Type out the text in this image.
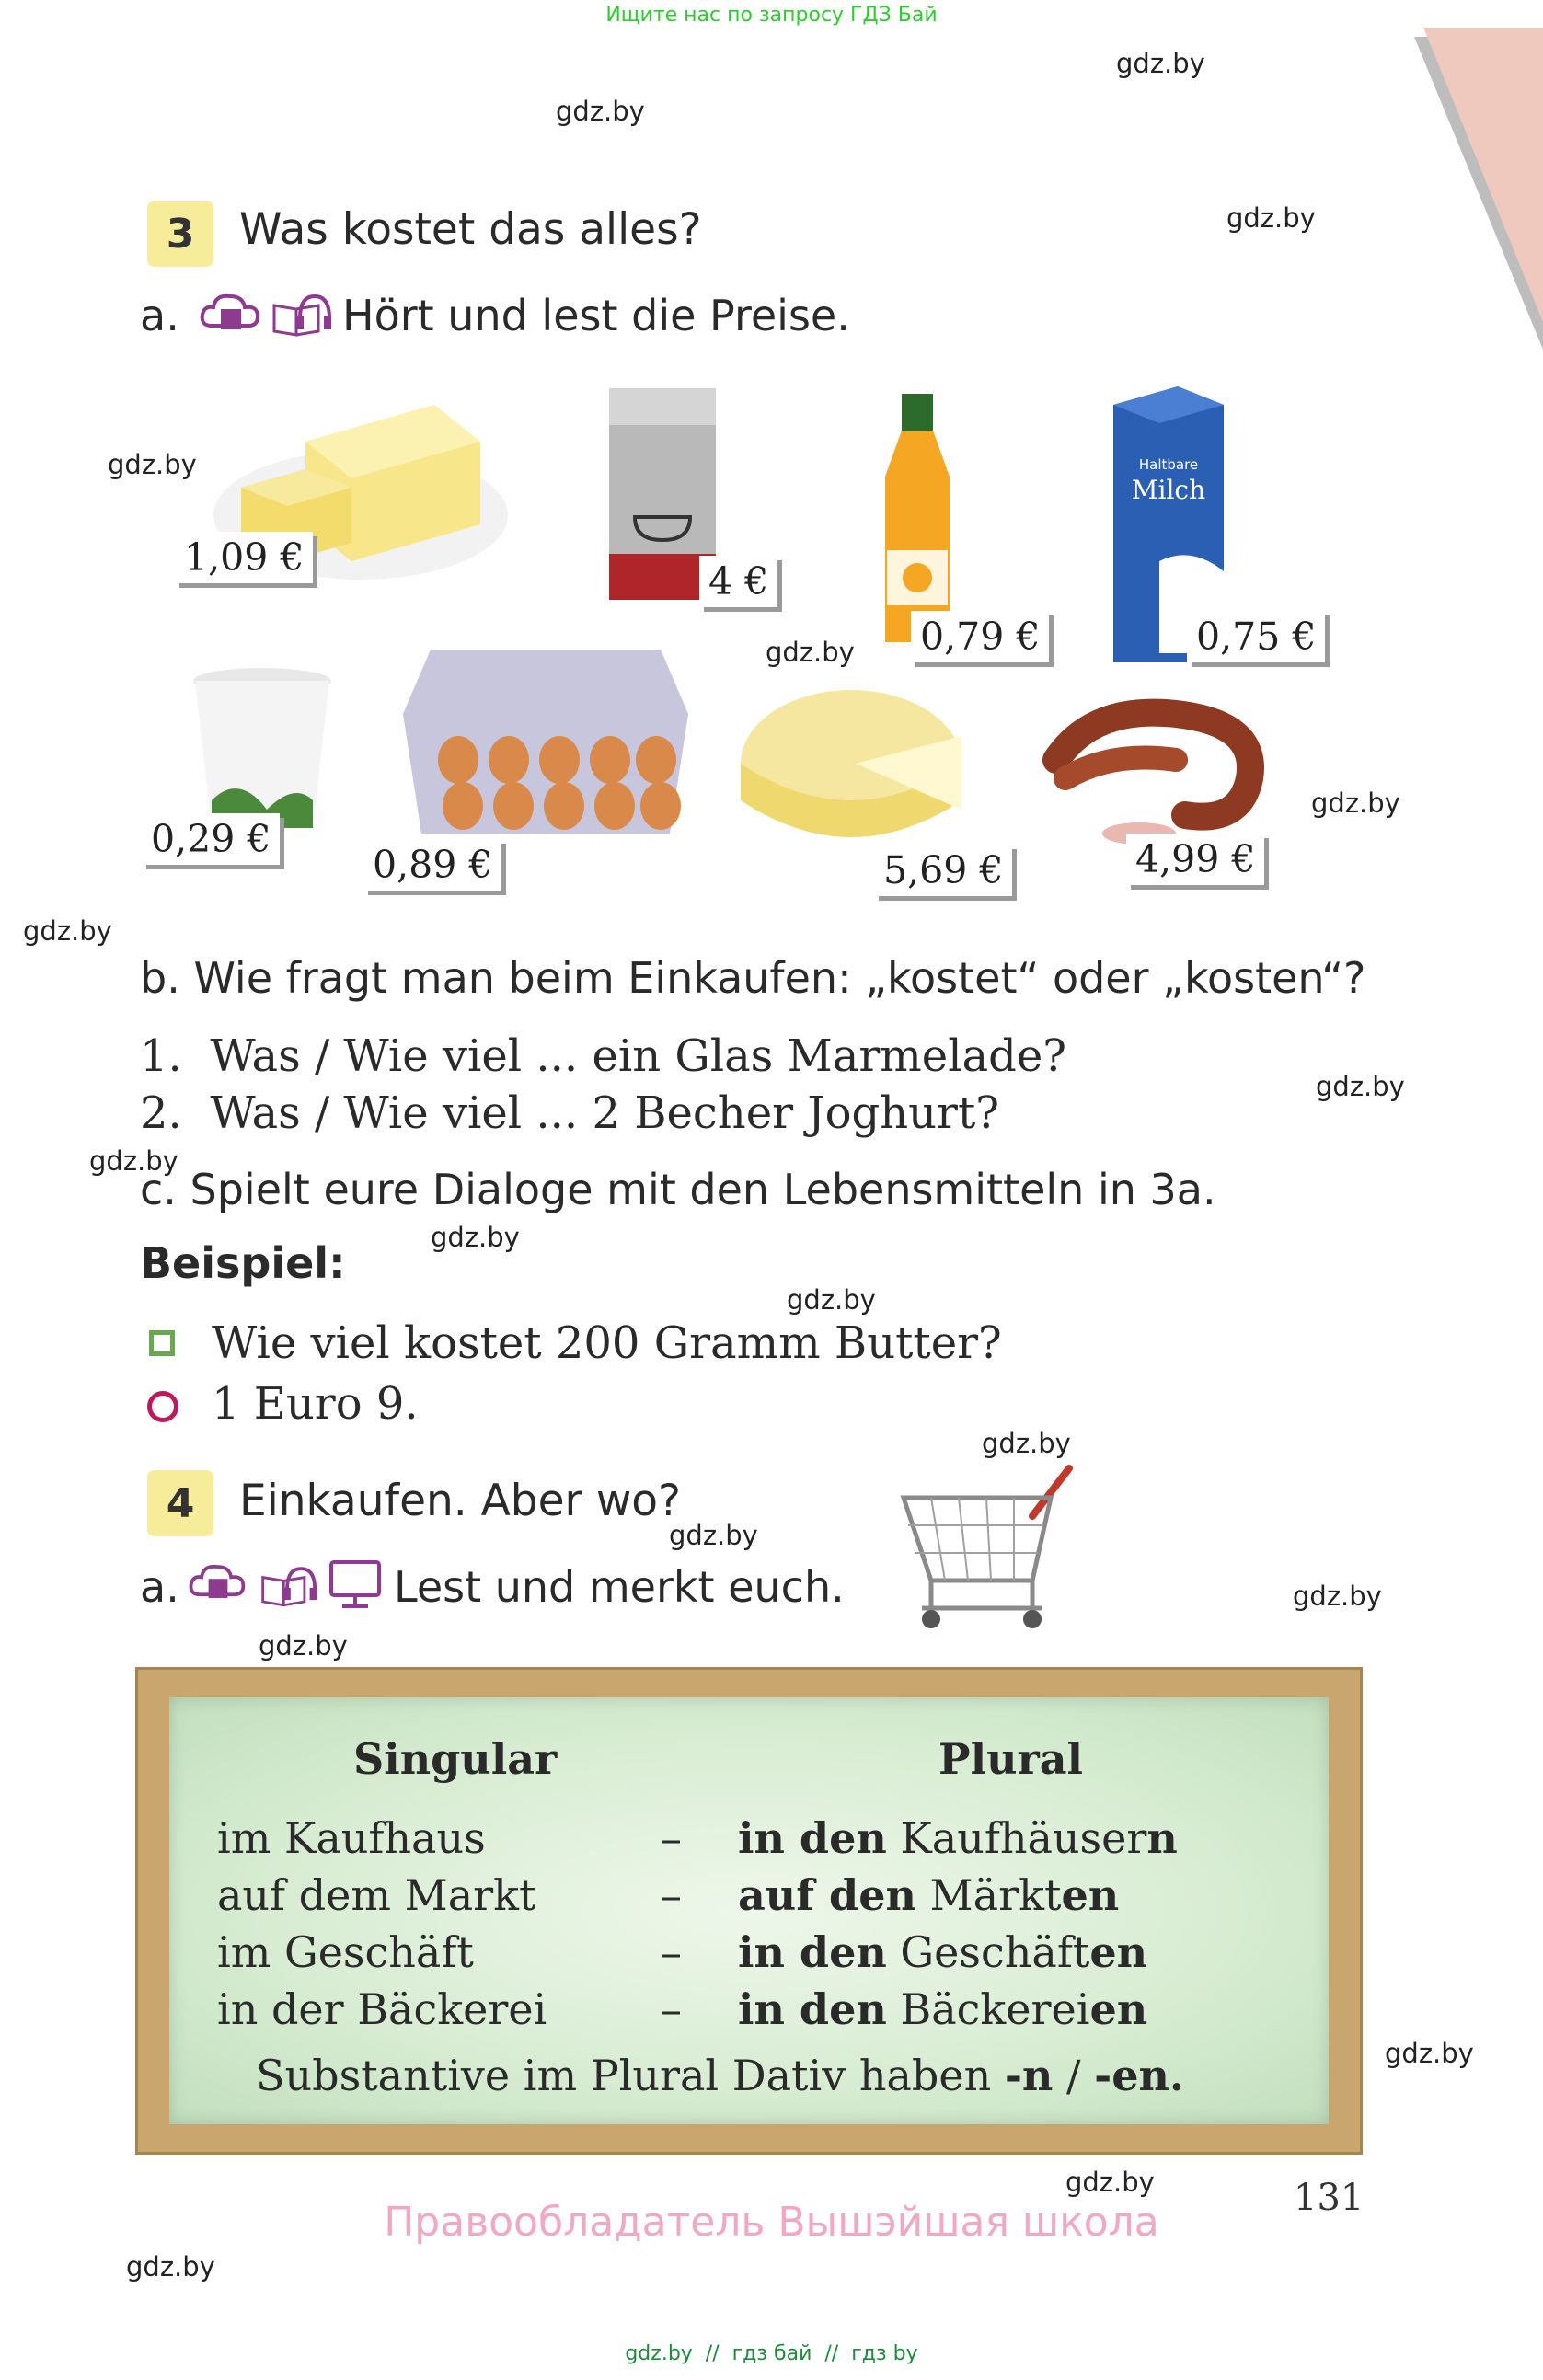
Ищите нас по запросу ГДЗ Бай
gdz.by
gdz.by
gdz.by
gdz.by
gdz.by
gdz.by
gdz.by
gdz.by
gdz.by
gdz.by
gdz.by
gdz.by
gdz.by
gdz.by
gdz.by
gdz.by
gdz.by
gdz.by
3	Was kostet das alles?
a.	Hört und lest die Preise.
1,09 €
4 €
0,79 €
Haltbare
Milch
0,75 €
0,29 €
0,89 €	5,69 €	4,99 €
b. Wie fragt man beim Einkaufen: „kostet“ oder „kosten“?
1.  Was / Wie viel ... ein Glas Marmelade?
2.  Was / Wie viel ... 2 Becher Joghurt?
c. Spielt eure Dialoge mit den Lebensmitteln in 3a.
Beispiel:
Wie viel kostet 200 Gramm Butter?
1 Euro 9.
4	Einkaufen. Aber wo?
a.	Lest und merkt euch.
Singular	Plural
im Kaufhaus	– in den Kaufhäusern
auf dem Markt	– auf den Märkten
im Geschäft	– in den Geschäften
in der Bäckerei	– in den Bäckereien
Substantive im Plural Dativ haben -n / -en.
131
Правообладатель Вышэйшая школа
gdz.by  //  гдз бай  //  гдз by
